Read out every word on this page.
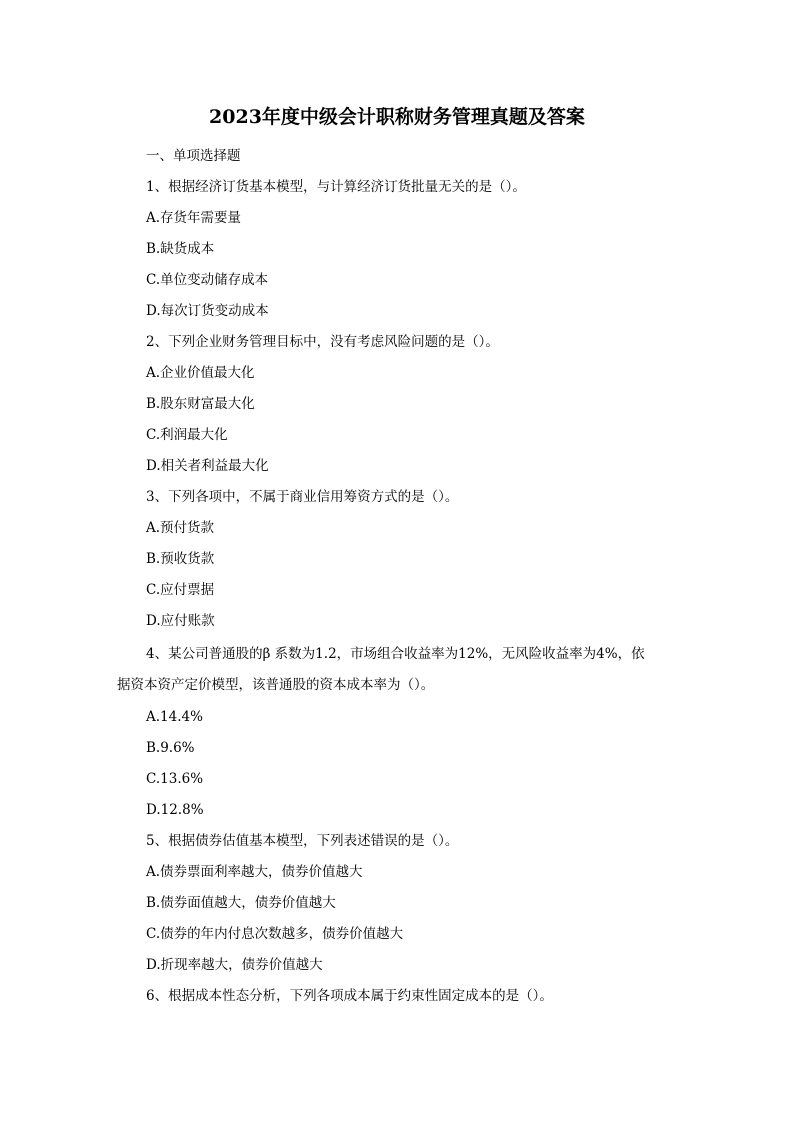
2023年度中级会计职称财务管理真题及答案
一、单项选择题
1、根据经济订货基本模型，与计算经济订货批量无关的是（）。
A.存货年需要量
B.缺货成本
C.单位变动储存成本
D.每次订货变动成本
2、下列企业财务管理目标中，没有考虑风险问题的是（）。
A.企业价值最大化
B.股东财富最大化
C.利润最大化
D.相关者利益最大化
3、下列各项中，不属于商业信用筹资方式的是（）。
A.预付货款
B.预收货款
C.应付票据
D.应付账款
4、某公司普通股的β 系数为1.2，市场组合收益率为12%，无风险收益率为4%，依
据资本资产定价模型，该普通股的资本成本率为（）。
A.14.4%
B.9.6%
C.13.6%
D.12.8%
5、根据债券估值基本模型，下列表述错误的是（）。
A.债券票面利率越大，债券价值越大
B.债券面值越大，债券价值越大
C.债券的年内付息次数越多，债券价值越大
D.折现率越大，债券价值越大
6、根据成本性态分析，下列各项成本属于约束性固定成本的是（）。
